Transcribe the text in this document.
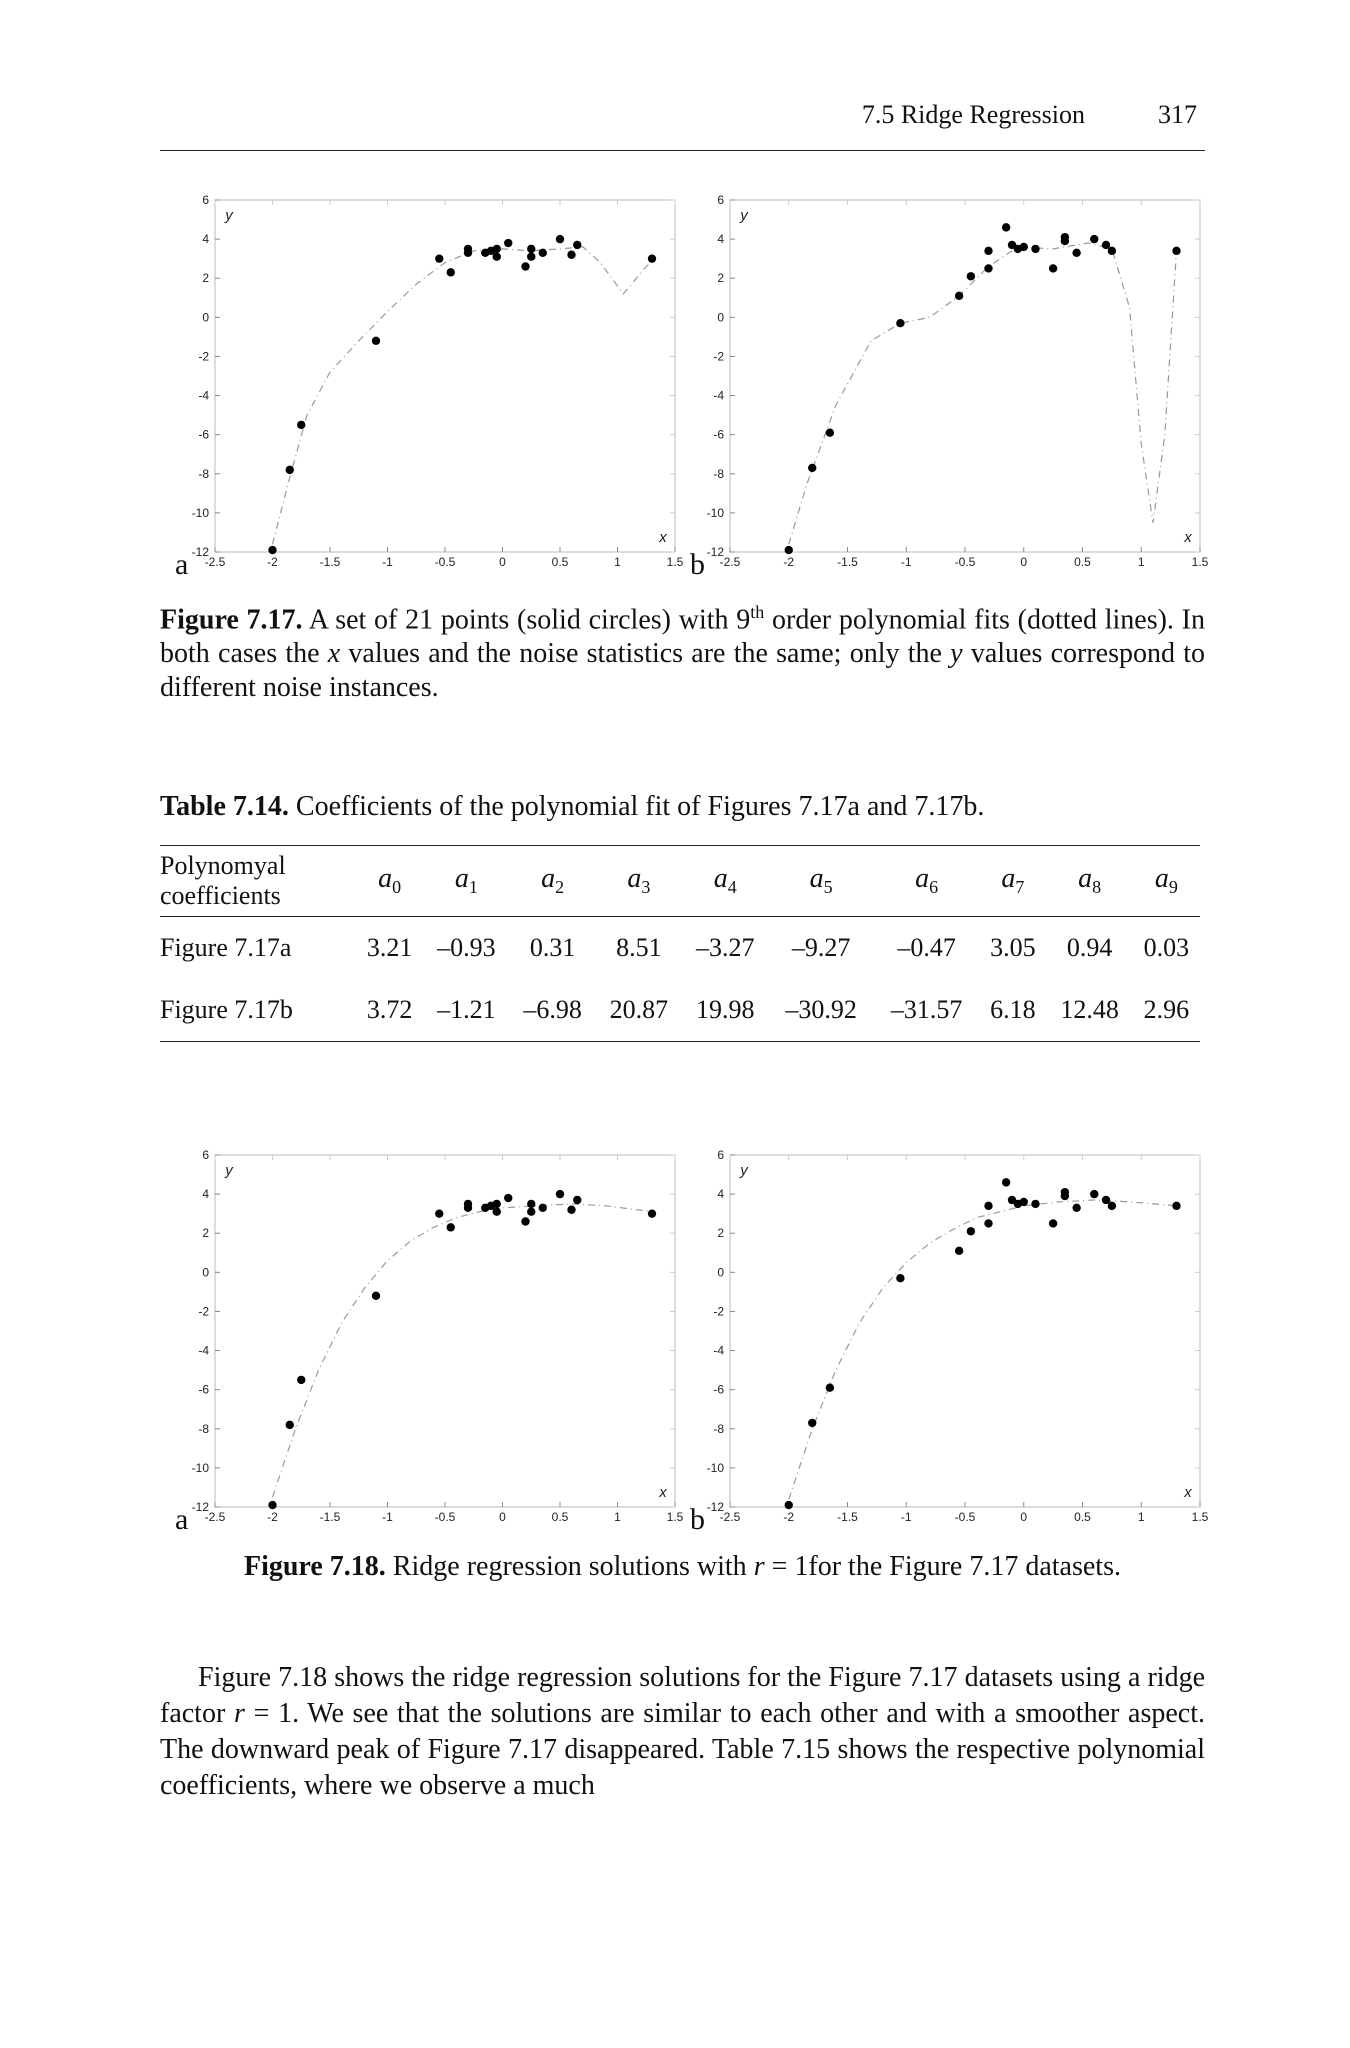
7.5 Ridge Regression	317
-2.5	-2	-1.5	-1	-0.5	0	0.5	1	1.5
-12
-10
-8
-6
-4
-2
0
2
4
6
x
y
a	-2.5	-2	-1.5	-1	-0.5	0	0.5	1	1.5
-12
-10
-8
-6
-4
-2
0
2
4
6
x
y
b
Figure 7.17. A set of 21 points (solid circles) with 9th order polynomial fits (dotted lines). In both cases the x values and the noise statistics are the same; only the y values correspond to different noise instances.
Table 7.14. Coefficients of the polynomial fit of Figures 7.17a and 7.17b.
Polynomyal
coefficients	$a_0$	$a_1$	$a_2$	$a_3$	$a_4$	$a_5$	$a_6$	$a_7$	$a_8$	$a_9$
Figure 7.17a	3.21	–0.93	0.31	8.51	–3.27	–9.27	–0.47	3.05	0.94	0.03
Figure 7.17b	3.72	–1.21	–6.98	20.87	19.98	–30.92	–31.57	6.18	12.48	2.96
-2.5	-2	-1.5	-1	-0.5	0	0.5	1	1.5
-12
-10
-8
-6
-4
-2
0
2
4
6
x
y
a	-2.5	-2	-1.5	-1	-0.5	0	0.5	1	1.5
-12
-10
-8
-6
-4
-2
0
2
4
6
x
y
b
Figure 7.18. Ridge regression solutions with r = 1for the Figure 7.17 datasets.
Figure 7.18 shows the ridge regression solutions for the Figure 7.17 datasets using a ridge factor r = 1. We see that the solutions are similar to each other and with a smoother aspect. The downward peak of Figure 7.17 disappeared. Table 7.15 shows the respective polynomial coefficients, where we observe a much
